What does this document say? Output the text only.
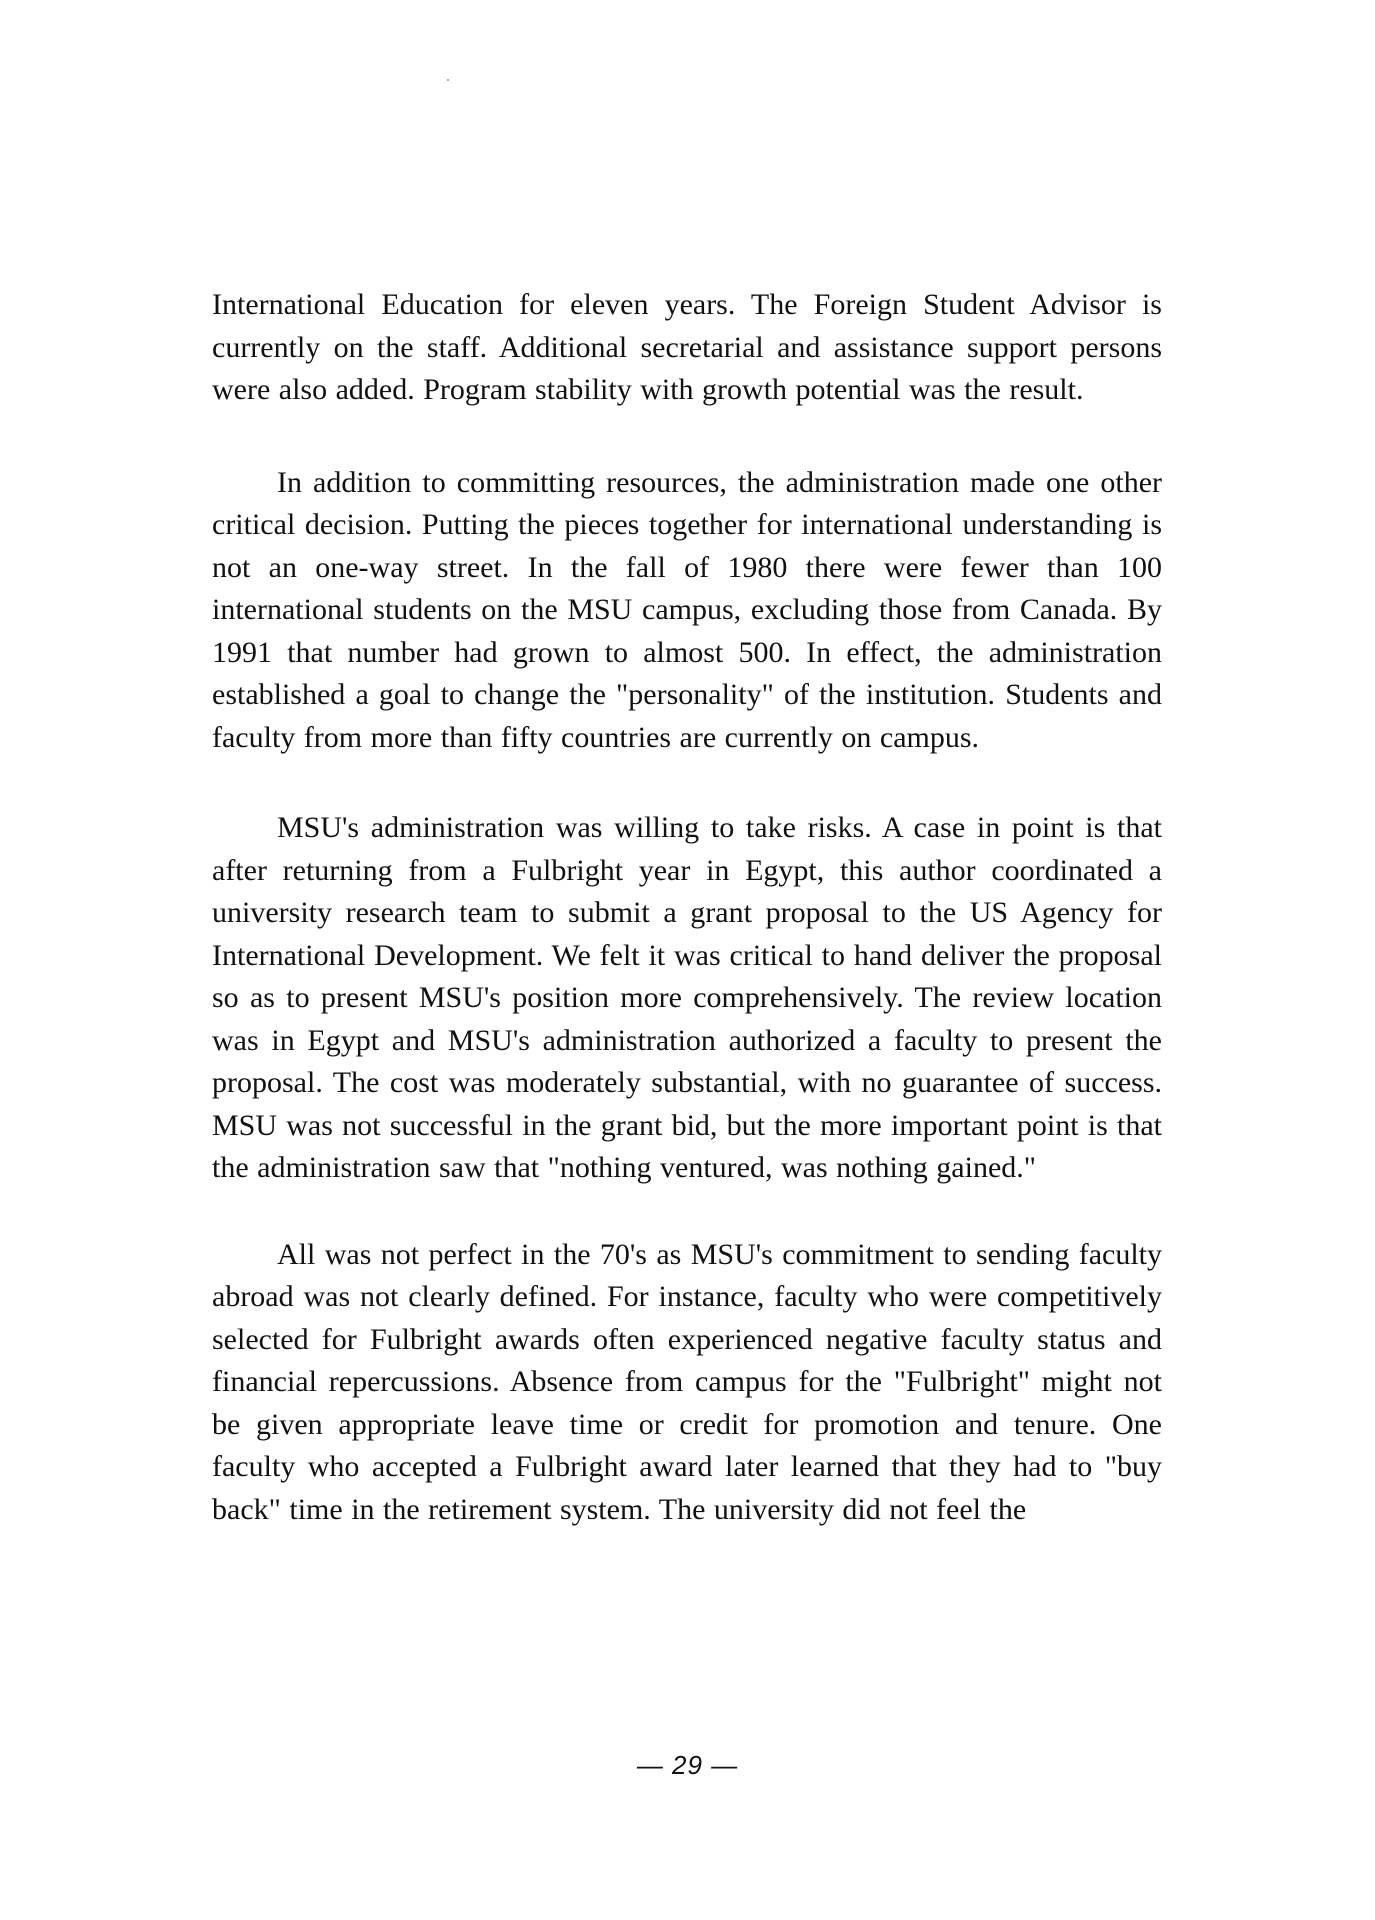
International Education for eleven years. The Foreign Student Advisor is currently on the staff. Additional secretarial and assistance support persons were also added. Program stability with growth potential was the result.

In addition to committing resources, the administration made one other critical decision. Putting the pieces together for international understanding is not an one-way street. In the fall of 1980 there were fewer than 100 international students on the MSU campus, excluding those from Canada. By 1991 that number had grown to almost 500. In effect, the administration established a goal to change the "personality" of the institution. Students and faculty from more than fifty countries are currently on campus.

MSU's administration was willing to take risks. A case in point is that after returning from a Fulbright year in Egypt, this author coordinated a university research team to submit a grant proposal to the US Agency for International Development. We felt it was critical to hand deliver the proposal so as to present MSU's position more comprehensively. The review location was in Egypt and MSU's administration authorized a faculty to present the proposal. The cost was moderately substantial, with no guarantee of success. MSU was not successful in the grant bid, but the more important point is that the administration saw that "nothing ventured, was nothing gained."

All was not perfect in the 70's as MSU's commitment to sending faculty abroad was not clearly defined. For instance, faculty who were competitively selected for Fulbright awards often experienced negative faculty status and financial repercussions. Absence from campus for the "Fulbright" might not be given appropriate leave time or credit for promotion and tenure. One faculty who accepted a Fulbright award later learned that they had to "buy back" time in the retirement system. The university did not feel the

— 29 —
